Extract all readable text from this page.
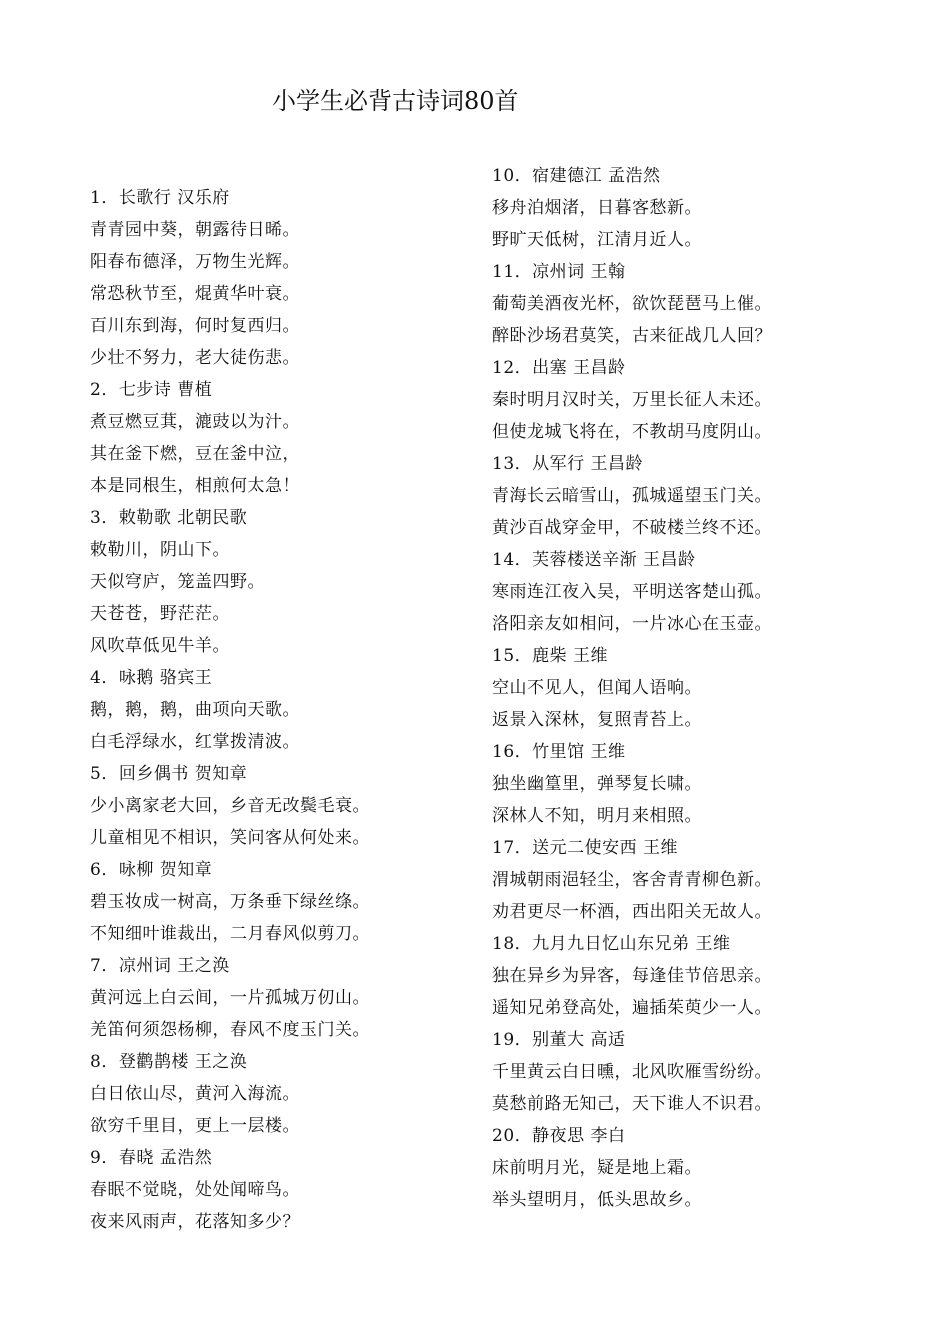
小学生必背古诗词80首
1．长歌行 汉乐府
青青园中葵，朝露待日晞。
阳春布德泽，万物生光辉。
常恐秋节至，焜黄华叶衰。
百川东到海，何时复西归。
少壮不努力，老大徒伤悲。
2．七步诗 曹植
煮豆燃豆萁，漉豉以为汁。
其在釜下燃，豆在釜中泣，
本是同根生，相煎何太急！
3．敕勒歌 北朝民歌
敕勒川，阴山下。
天似穹庐，笼盖四野。
天苍苍，野茫茫。
风吹草低见牛羊。
4．咏鹅 骆宾王
鹅，鹅，鹅，曲项向天歌。
白毛浮绿水，红掌拨清波。
5．回乡偶书 贺知章
少小离家老大回，乡音无改鬓毛衰。
儿童相见不相识，笑问客从何处来。
6．咏柳 贺知章
碧玉妆成一树高，万条垂下绿丝绦。
不知细叶谁裁出，二月春风似剪刀。
7．凉州词 王之涣
黄河远上白云间，一片孤城万仞山。
羌笛何须怨杨柳，春风不度玉门关。
8．登鹳鹊楼 王之涣
白日依山尽，黄河入海流。
欲穷千里目，更上一层楼。
9．春晓 孟浩然
春眠不觉晓，处处闻啼鸟。
夜来风雨声，花落知多少？
10．宿建德江 孟浩然
移舟泊烟渚，日暮客愁新。
野旷天低树，江清月近人。
11．凉州词 王翰
葡萄美酒夜光杯，欲饮琵琶马上催。
醉卧沙场君莫笑，古来征战几人回？
12．出塞 王昌龄
秦时明月汉时关，万里长征人未还。
但使龙城飞将在，不教胡马度阴山。
13．从军行 王昌龄
青海长云暗雪山，孤城遥望玉门关。
黄沙百战穿金甲，不破楼兰终不还。
14．芙蓉楼送辛渐 王昌龄
寒雨连江夜入吴，平明送客楚山孤。
洛阳亲友如相问，一片冰心在玉壶。
15．鹿柴 王维
空山不见人，但闻人语响。
返景入深林，复照青苔上。
16．竹里馆 王维
独坐幽篁里，弹琴复长啸。
深林人不知，明月来相照。
17．送元二使安西 王维
渭城朝雨浥轻尘，客舍青青柳色新。
劝君更尽一杯酒，西出阳关无故人。
18．九月九日忆山东兄弟 王维
独在异乡为异客，每逢佳节倍思亲。
遥知兄弟登高处，遍插茱萸少一人。
19．别董大 高适
千里黄云白日曛，北风吹雁雪纷纷。
莫愁前路无知己，天下谁人不识君。
20．静夜思 李白
床前明月光，疑是地上霜。
举头望明月，低头思故乡。
